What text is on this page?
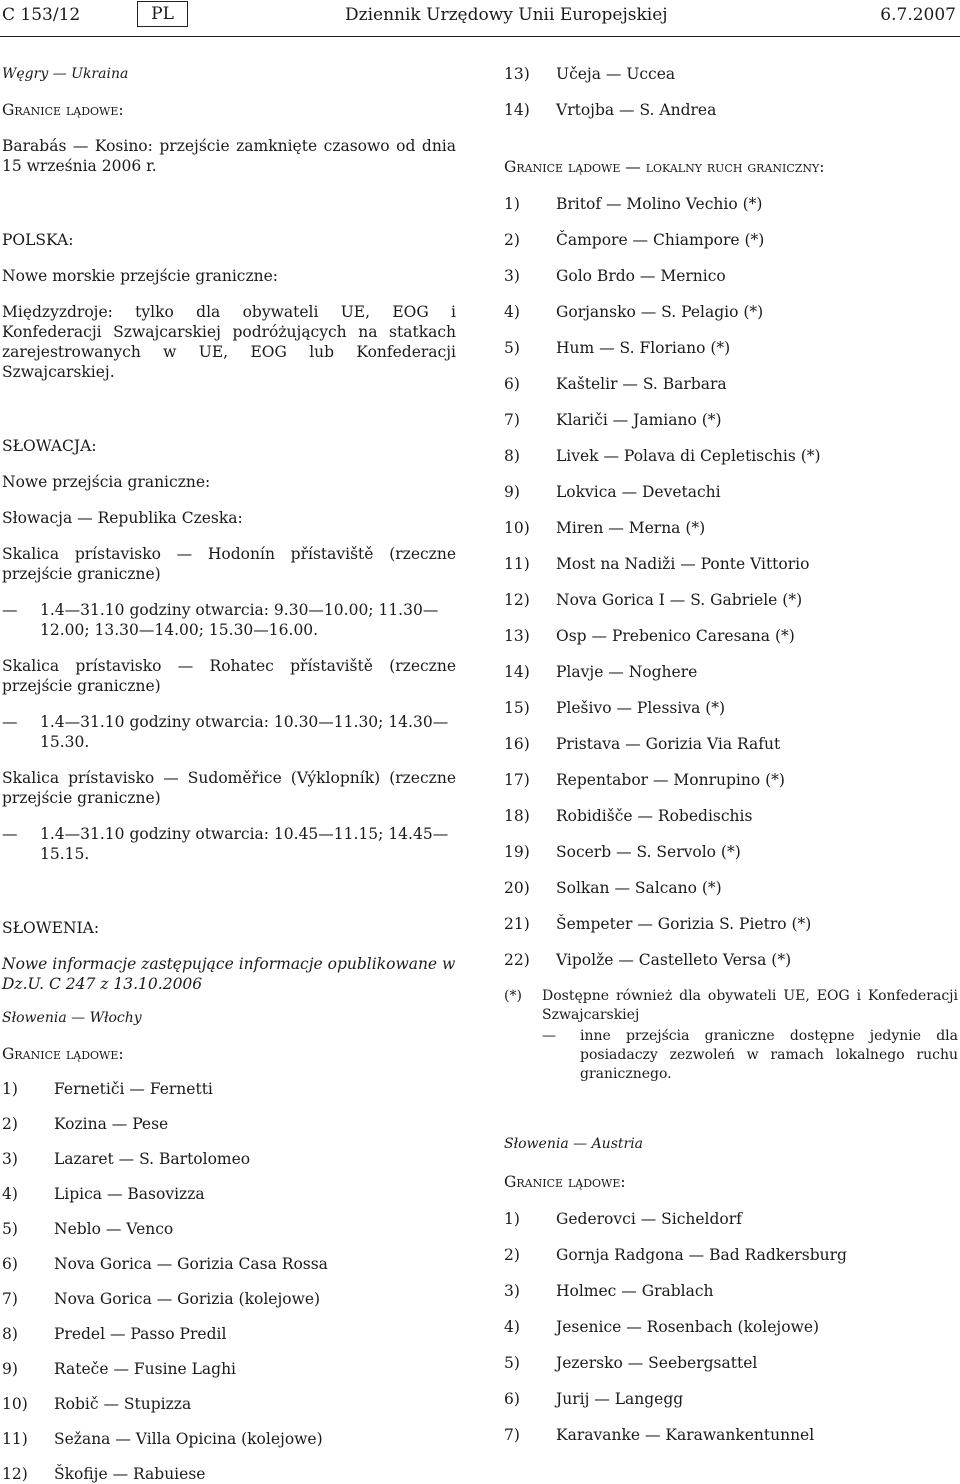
C 153/12	PL	Dziennik Urzędowy Unii Europejskiej	6.7.2007

Węgry — Ukraina

Granice lądowe:

Barabás — Kosino: przejście zamknięte czasowo od dnia 15 września 2006 r.

POLSKA:

Nowe morskie przejście graniczne:

Międzyzdroje: tylko dla obywateli UE, EOG i Konfederacji Szwajcarskiej podróżujących na statkach zarejestrowanych w UE, EOG lub Konfederacji Szwajcarskiej.

SŁOWACJA:

Nowe przejścia graniczne:

Słowacja — Republika Czeska:

Skalica prístavisko — Hodonín přístaviště (rzeczne przejście graniczne)

—	1.4—31.10 godziny otwarcia: 9.30—10.00; 11.30—12.00; 13.30—14.00; 15.30—16.00.

Skalica prístavisko — Rohatec přístaviště (rzeczne przejście graniczne)

—	1.4—31.10 godziny otwarcia: 10.30—11.30; 14.30—15.30.

Skalica prístavisko — Sudoměřice (Výklopník) (rzeczne przejście graniczne)

—	1.4—31.10 godziny otwarcia: 10.45—11.15; 14.45—15.15.

SŁOWENIA:

Nowe informacje zastępujące informacje opublikowane w Dz.U. C 247 z 13.10.2006

Słowenia — Włochy

Granice lądowe:

1) Fernetiči — Fernetti

2) Kozina — Pese

3) Lazaret — S. Bartolomeo

4) Lipica — Basovizza

5) Neblo — Venco

6) Nova Gorica — Gorizia Casa Rossa

7) Nova Gorica — Gorizia (kolejowe)

8) Predel — Passo Predil

9) Rateče — Fusine Laghi

10) Robič — Stupizza

11) Sežana — Villa Opicina (kolejowe)

12) Škofije — Rabuiese

13) Učeja — Uccea

14) Vrtojba — S. Andrea

Granice lądowe — lokalny ruch graniczny:

1) Britof — Molino Vechio (*)

2) Čampore — Chiampore (*)

3) Golo Brdo — Mernico

4) Gorjansko — S. Pelagio (*)

5) Hum — S. Floriano (*)

6) Kaštelir — S. Barbara

7) Klariči — Jamiano (*)

8) Livek — Polava di Cepletischis (*)

9) Lokvica — Devetachi

10) Miren — Merna (*)

11) Most na Nadiži — Ponte Vittorio

12) Nova Gorica I — S. Gabriele (*)

13) Osp — Prebenico Caresana (*)

14) Plavje — Noghere

15) Plešivo — Plessiva (*)

16) Pristava — Gorizia Via Rafut

17) Repentabor — Monrupino (*)

18) Robidišče — Robedischis

19) Socerb — S. Servolo (*)

20) Solkan — Salcano (*)

21) Šempeter — Gorizia S. Pietro (*)

22) Vipolže — Castelleto Versa (*)

(*)	Dostępne również dla obywateli UE, EOG i Konfederacji Szwajcarskiej
—	inne przejścia graniczne dostępne jedynie dla posiadaczy zezwoleń w ramach lokalnego ruchu granicznego.

Słowenia — Austria

Granice lądowe:

1) Gederovci — Sicheldorf

2) Gornja Radgona — Bad Radkersburg

3) Holmec — Grablach

4) Jesenice — Rosenbach (kolejowe)

5) Jezersko — Seebergsattel

6) Jurij — Langegg

7) Karavanke — Karawankentunnel
